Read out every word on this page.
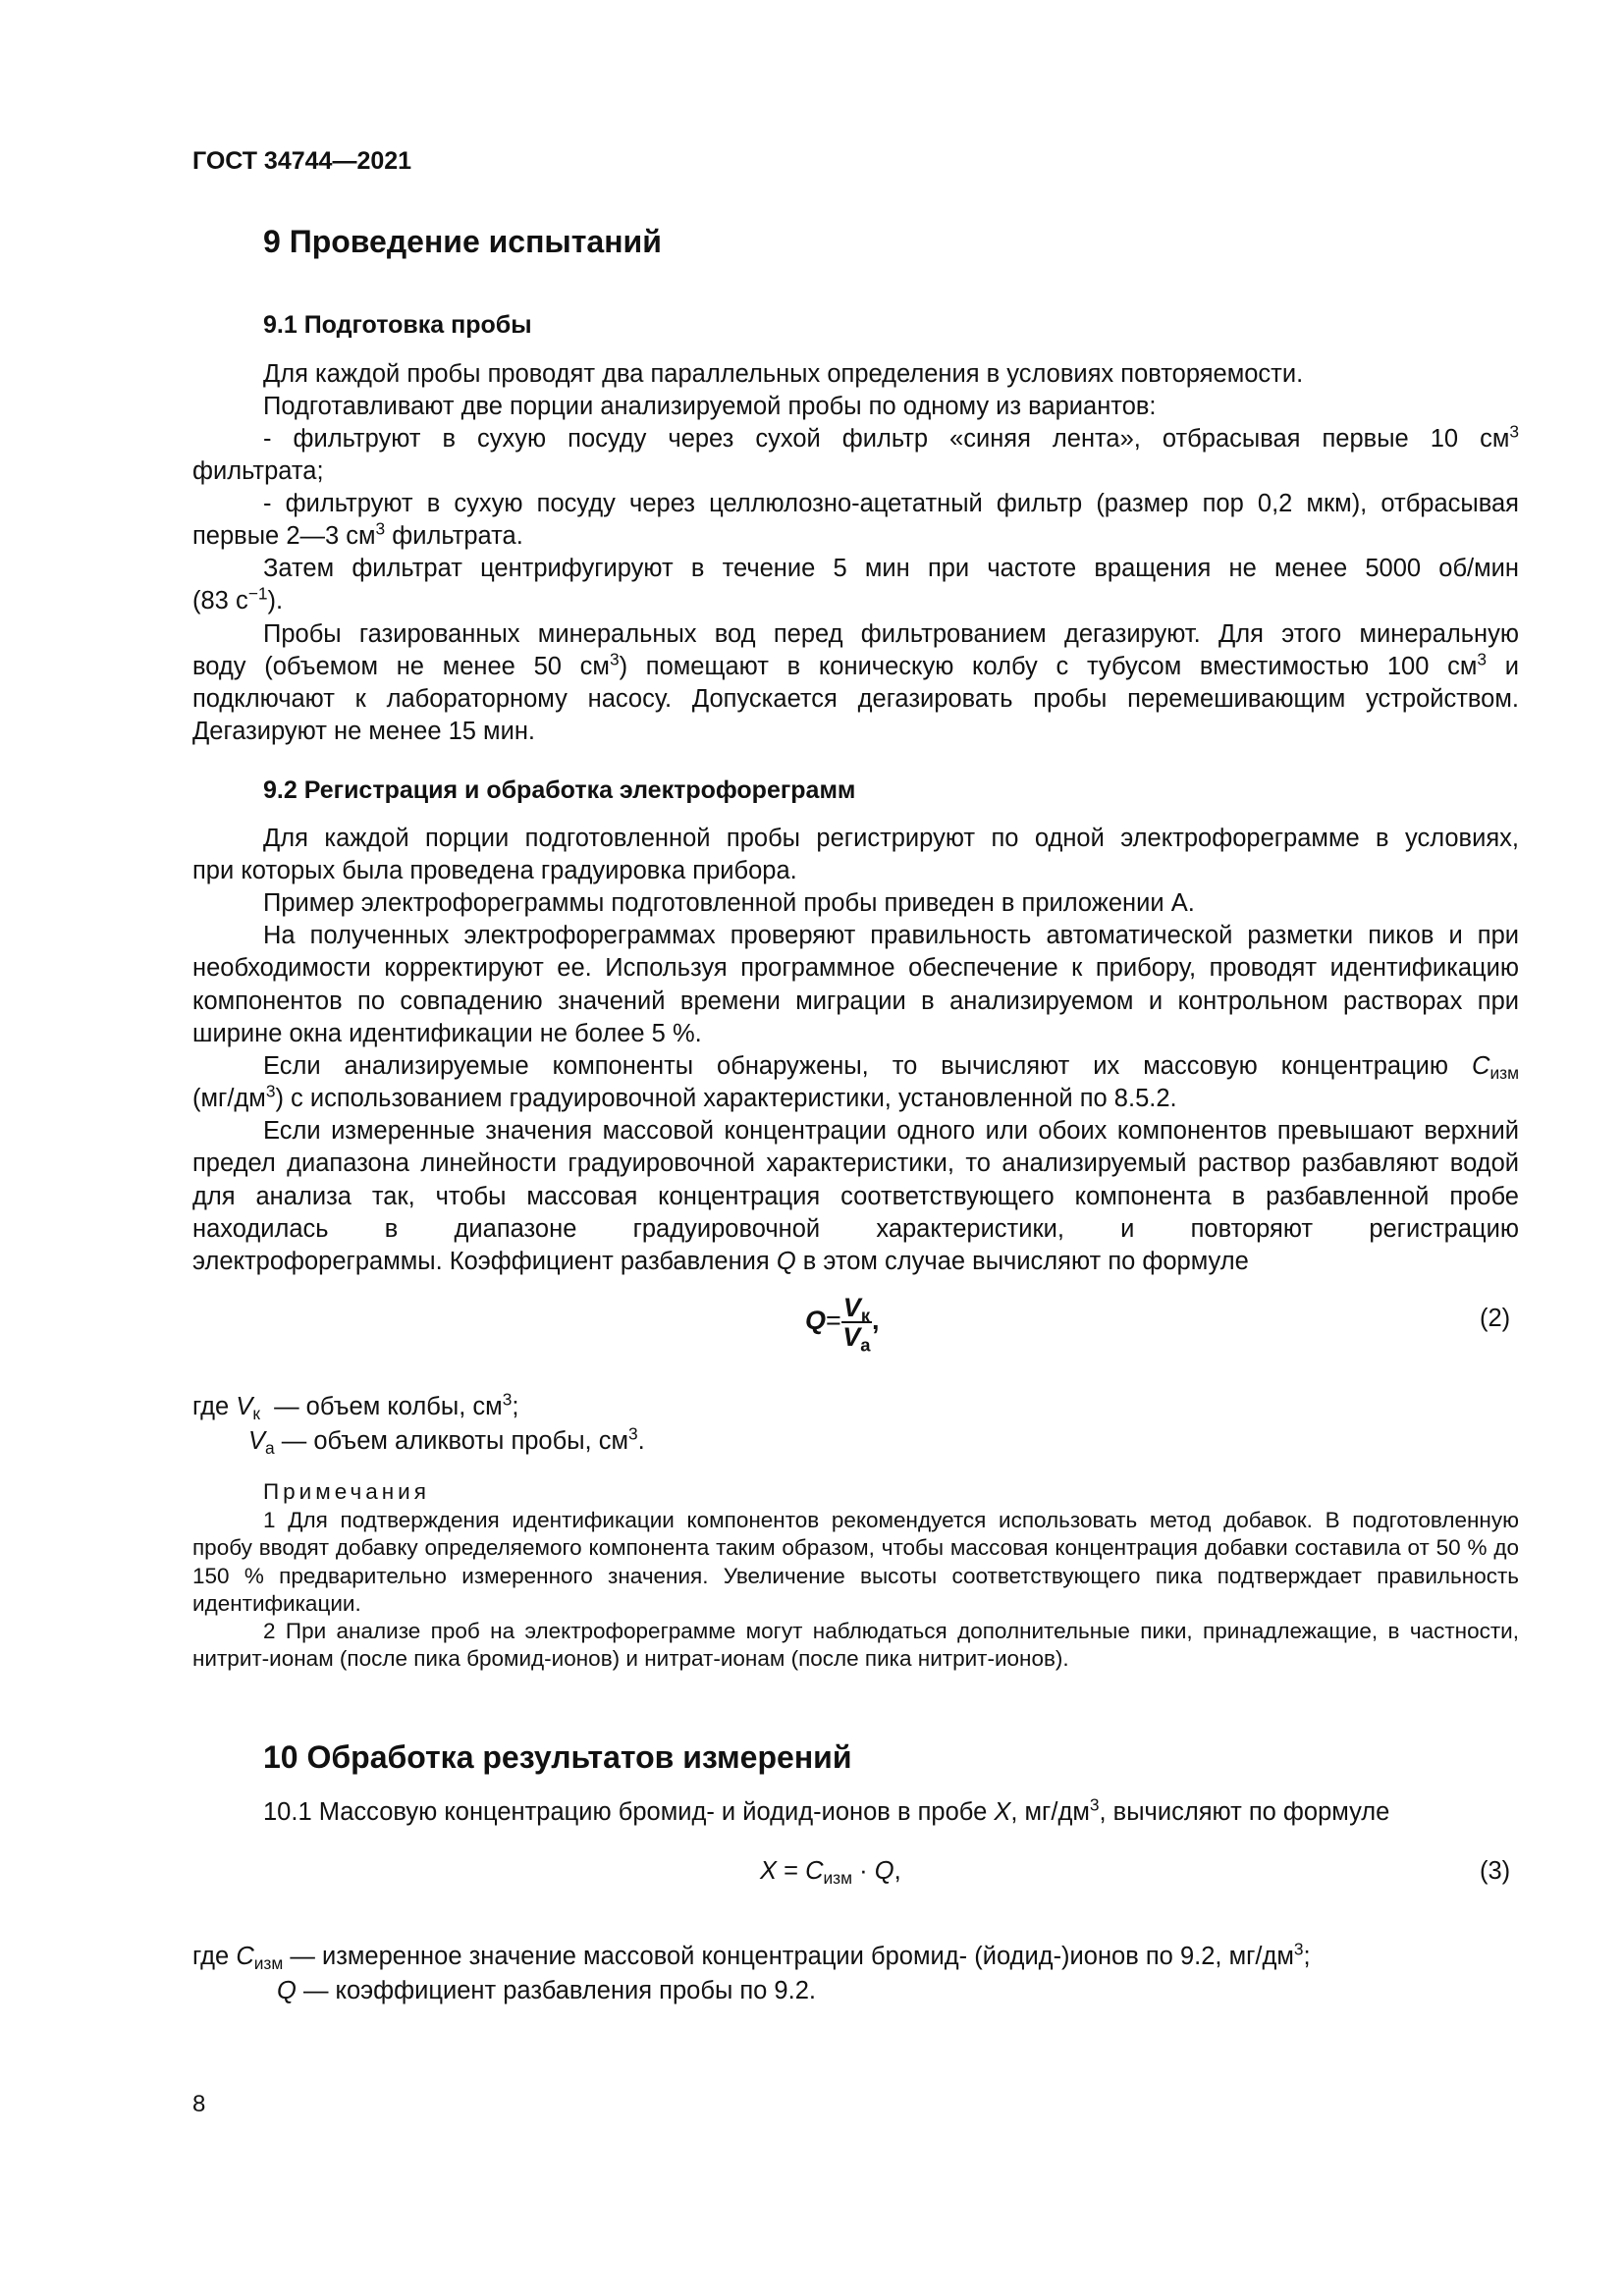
ГОСТ 34744—2021
9 Проведение испытаний
9.1 Подготовка пробы
Для каждой пробы проводят два параллельных определения в условиях повторяемости.
Подготавливают две порции анализируемой пробы по одному из вариантов:
- фильтруют в сухую посуду через сухой фильтр «синяя лента», отбрасывая первые 10 $см^3$
фильтрата;
- фильтруют в сухую посуду через целлюлозно-ацетатный фильтр (размер пор 0,2 мкм), отбрасывая
первые 2—3 $см^3$ фильтрата.
Затем фильтрат центрифугируют в течение 5 мин при частоте вращения не менее 5000 об/мин
(83 $с^{-1}$).
Пробы газированных минеральных вод перед фильтрованием дегазируют. Для этого минеральную
воду (объемом не менее 50 $см^3$) помещают в коническую колбу с тубусом вместимостью 100 $см^3$ и
подключают к лабораторному насосу. Допускается дегазировать пробы перемешивающим устройством.
Дегазируют не менее 15 мин.
9.2 Регистрация и обработка электрофореграмм
Для каждой порции подготовленной пробы регистрируют по одной электрофореграмме в условиях,
при которых была проведена градуировка прибора.
Пример электрофореграммы подготовленной пробы приведен в приложении А.

На полученных электрофореграммах проверяют правильность автоматической разметки пиков и при необходимости корректируют ее. Используя программное обеспечение к прибору, проводят идентификацию компонентов по совпадению значений времени миграции в анализируемом и контрольном растворах при ширине окна идентификации не более 5 %.

Если анализируемые компоненты обнаружены, то вычисляют их массовую концентрацию $C_{изм}$
$(мг/дм^3)$ с использованием градуировочной характеристики, установленной по 8.5.2.

Если измеренные значения массовой концентрации одного или обоих компонентов превышают верхний предел диапазона линейности градуировочной характеристики, то анализируемый раствор разбавляют водой для анализа так, чтобы массовая концентрация соответствующего компонента в разбавленной пробе находилась в диапазоне градуировочной характеристики, и повторяют регистрацию

электрофореграммы. Коэффициент разбавления Q в этом случае вычисляют по формуле
$Q= \frac{V_к}{V_а}$ ,	(2)
где $V_к$ — объем колбы, $см^3$;
$V_а$ — объем аликвоты пробы, $см^3$.
Примечания

1 Для подтверждения идентификации компонентов рекомендуется использовать метод добавок. В подготовленную пробу вводят добавку определяемого компонента таким образом, чтобы массовая концентрация добавки составила от 50 % до 150 % предварительно измеренного значения. Увеличение высоты соответствующего пика подтверждает правильность идентификации.

2 При анализе проб на электрофореграмме могут наблюдаться дополнительные пики, принадлежащие, в частности, нитрит-ионам (после пика бромид-ионов) и нитрат-ионам (после пика нитрит-ионов).

10 Обработка результатов измерений
10.1 Массовую концентрацию бромид- и йодид-ионов в пробе X, $мг/дм^3$, вычисляют по формуле
$X = C_{изм} \cdot Q$,	(3)
где $C_{изм}$ — измеренное значение массовой концентрации бромид- (йодид-)ионов по 9.2, $мг/дм^3$;
Q — коэффициент разбавления пробы по 9.2.
8
